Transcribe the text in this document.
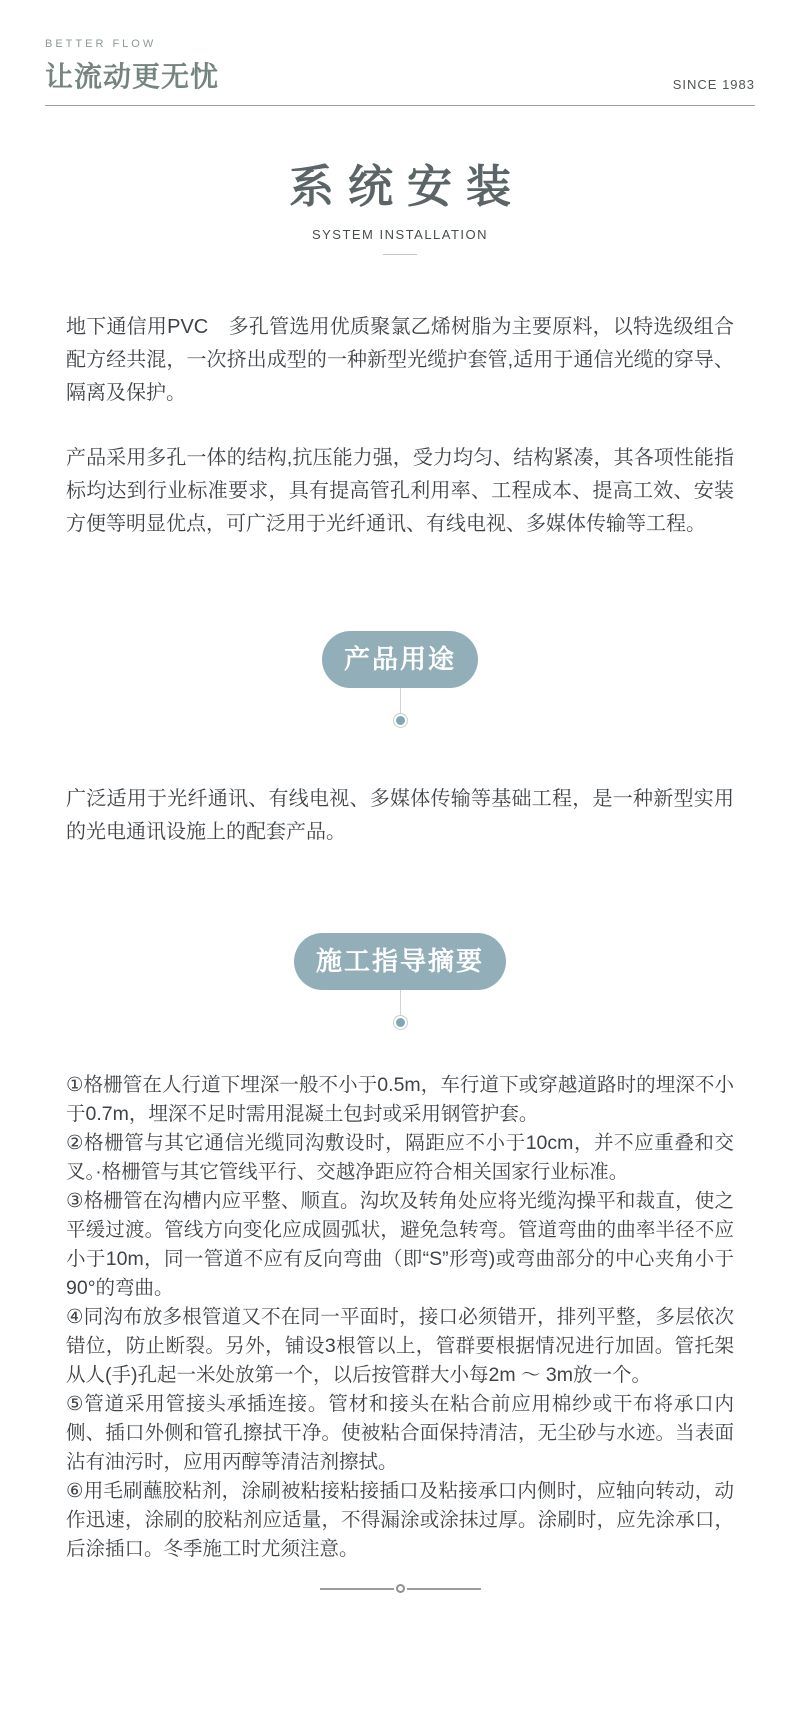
BETTER FLOW
让流动更无忧	SINCE 1983
系统安装
SYSTEM INSTALLATION

地下通信用PVC　多孔管选用优质聚氯乙烯树脂为主要原料，以特选级组合配方经共混，一次挤出成型的一种新型光缆护套管,适用于通信光缆的穿导、隔离及保护。

产品采用多孔一体的结构,抗压能力强，受力均匀、结构紧凑，其各项性能指标均达到行业标准要求，具有提高管孔利用率、工程成本、提高工效、安装方便等明显优点，可广泛用于光纤通讯、有线电视、多媒体传输等工程。

产品用途

广泛适用于光纤通讯、有线电视、多媒体传输等基础工程，是一种新型实用的光电通讯设施上的配套产品。

施工指导摘要

①格栅管在人行道下埋深一般不小于0.5m，车行道下或穿越道路时的埋深不小于0.7m，埋深不足时需用混凝土包封或采用钢管护套。

②格栅管与其它通信光缆同沟敷设时，隔距应不小于10cm，并不应重叠和交叉。·格栅管与其它管线平行、交越净距应符合相关国家行业标准。

③格栅管在沟槽内应平整、顺直。沟坎及转角处应将光缆沟操平和裁直，使之平缓过渡。管线方向变化应成圆弧状，避免急转弯。管道弯曲的曲率半径不应小于10m，同一管道不应有反向弯曲（即“S”形弯)或弯曲部分的中心夹角小于90°的弯曲。

④同沟布放多根管道又不在同一平面时，接口必须错开，排列平整，多层依次错位，防止断裂。另外，铺设3根管以上，管群要根据情况进行加固。管托架从人(手)孔起一米处放第一个，以后按管群大小每2m ～ 3m放一个。

⑤管道采用管接头承插连接。管材和接头在粘合前应用棉纱或干布将承口内侧、插口外侧和管孔擦拭干净。使被粘合面保持清洁，无尘砂与水迹。当表面沾有油污时，应用丙醇等清洁剂擦拭。

⑥用毛刷蘸胶粘剂，涂刷被粘接粘接插口及粘接承口内侧时，应轴向转动，动作迅速，涂刷的胶粘剂应适量，不得漏涂或涂抹过厚。涂刷时，应先涂承口，后涂插口。冬季施工时尤须注意。
